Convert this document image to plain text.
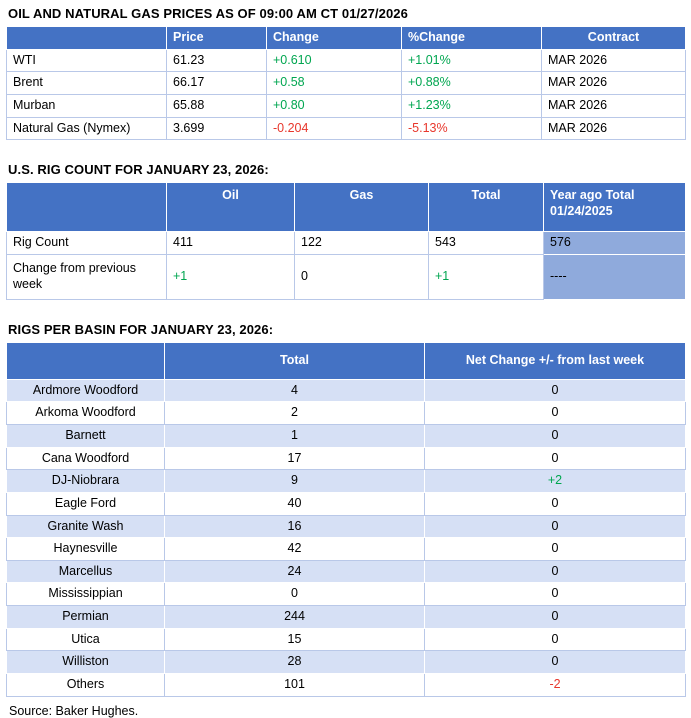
OIL AND NATURAL GAS PRICES AS OF 09:00 AM CT 01/27/2026
	Price	Change	%Change	Contract
WTI	61.23	+0.610	+1.01%	MAR 2026
Brent	66.17	+0.58	+0.88%	MAR 2026
Murban	65.88	+0.80	+1.23%	MAR 2026
Natural Gas (Nymex)	3.699	-0.204	-5.13%	MAR 2026
U.S. RIG COUNT FOR JANUARY 23, 2026:
	Oil	Gas	Total	Year ago Total
01/24/2025
Rig Count	411	122	543	576
Change from previous week	+1	0	+1	----
RIGS PER BASIN FOR JANUARY 23, 2026:
	Total	Net Change +/- from last week
Ardmore Woodford	4	0
Arkoma Woodford	2	0
Barnett	1	0
Cana Woodford	17	0
DJ-Niobrara	9	+2
Eagle Ford	40	0
Granite Wash	16	0
Haynesville	42	0
Marcellus	24	0
Mississippian	0	0
Permian	244	0
Utica	15	0
Williston	28	0
Others	101	-2
Source: Baker Hughes.
